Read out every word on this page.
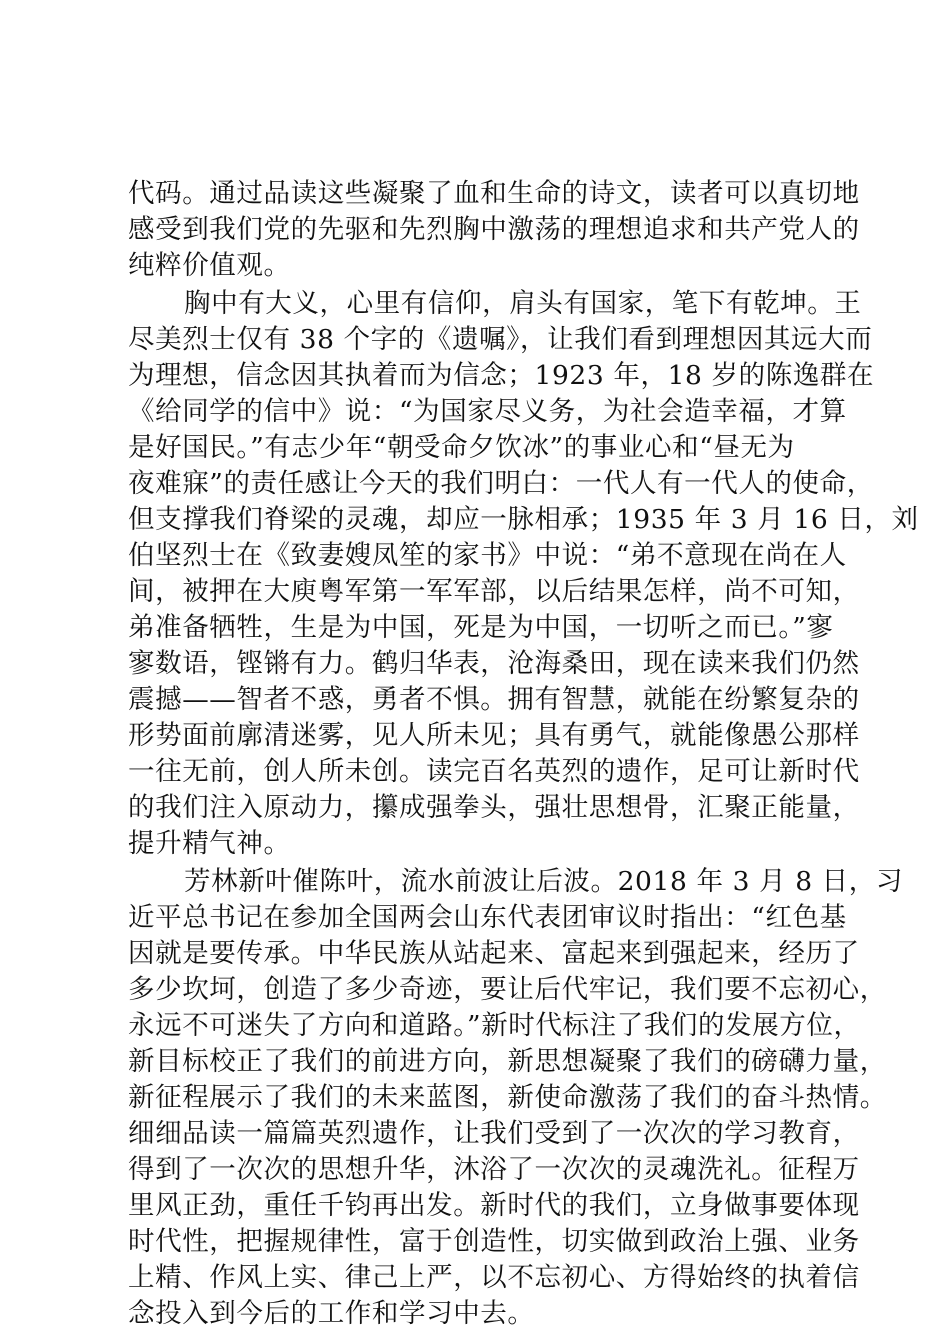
代码。通过品读这些凝聚了血和生命的诗文，读者可以真切地
感受到我们党的先驱和先烈胸中激荡的理想追求和共产党人的
纯粹价值观。
胸中有大义，心里有信仰，肩头有国家，笔下有乾坤。王
尽美烈士仅有 38 个字的《遗嘱》，让我们看到理想因其远大而
为理想，信念因其执着而为信念；1923 年，18 岁的陈逸群在
《给同学的信中》说：“为国家尽义务，为社会造幸福，才算
是好国民。”有志少年“朝受命夕饮冰”的事业心和“昼无为
夜难寐”的责任感让今天的我们明白：一代人有一代人的使命，
但支撑我们脊梁的灵魂，却应一脉相承；1935 年 3 月 16 日，刘
伯坚烈士在《致妻嫂凤笙的家书》中说：“弟不意现在尚在人
间，被押在大庾粤军第一军军部，以后结果怎样，尚不可知，
弟准备牺牲，生是为中国，死是为中国，一切听之而已。”寥
寥数语，铿锵有力。鹤归华表，沧海桑田，现在读来我们仍然
震撼——智者不惑，勇者不惧。拥有智慧，就能在纷繁复杂的
形势面前廓清迷雾，见人所未见；具有勇气，就能像愚公那样
一往无前，创人所未创。读完百名英烈的遗作，足可让新时代
的我们注入原动力，攥成强拳头，强壮思想骨，汇聚正能量，
提升精气神。
芳林新叶催陈叶，流水前波让后波。2018 年 3 月 8 日，习
近平总书记在参加全国两会山东代表团审议时指出：“红色基
因就是要传承。中华民族从站起来、富起来到强起来，经历了
多少坎坷，创造了多少奇迹，要让后代牢记，我们要不忘初心，
永远不可迷失了方向和道路。”新时代标注了我们的发展方位，
新目标校正了我们的前进方向，新思想凝聚了我们的磅礴力量，
新征程展示了我们的未来蓝图，新使命激荡了我们的奋斗热情。
细细品读一篇篇英烈遗作，让我们受到了一次次的学习教育，
得到了一次次的思想升华，沐浴了一次次的灵魂洗礼。征程万
里风正劲，重任千钧再出发。新时代的我们，立身做事要体现
时代性，把握规律性，富于创造性，切实做到政治上强、业务
上精、作风上实、律己上严，以不忘初心、方得始终的执着信
念投入到今后的工作和学习中去。
